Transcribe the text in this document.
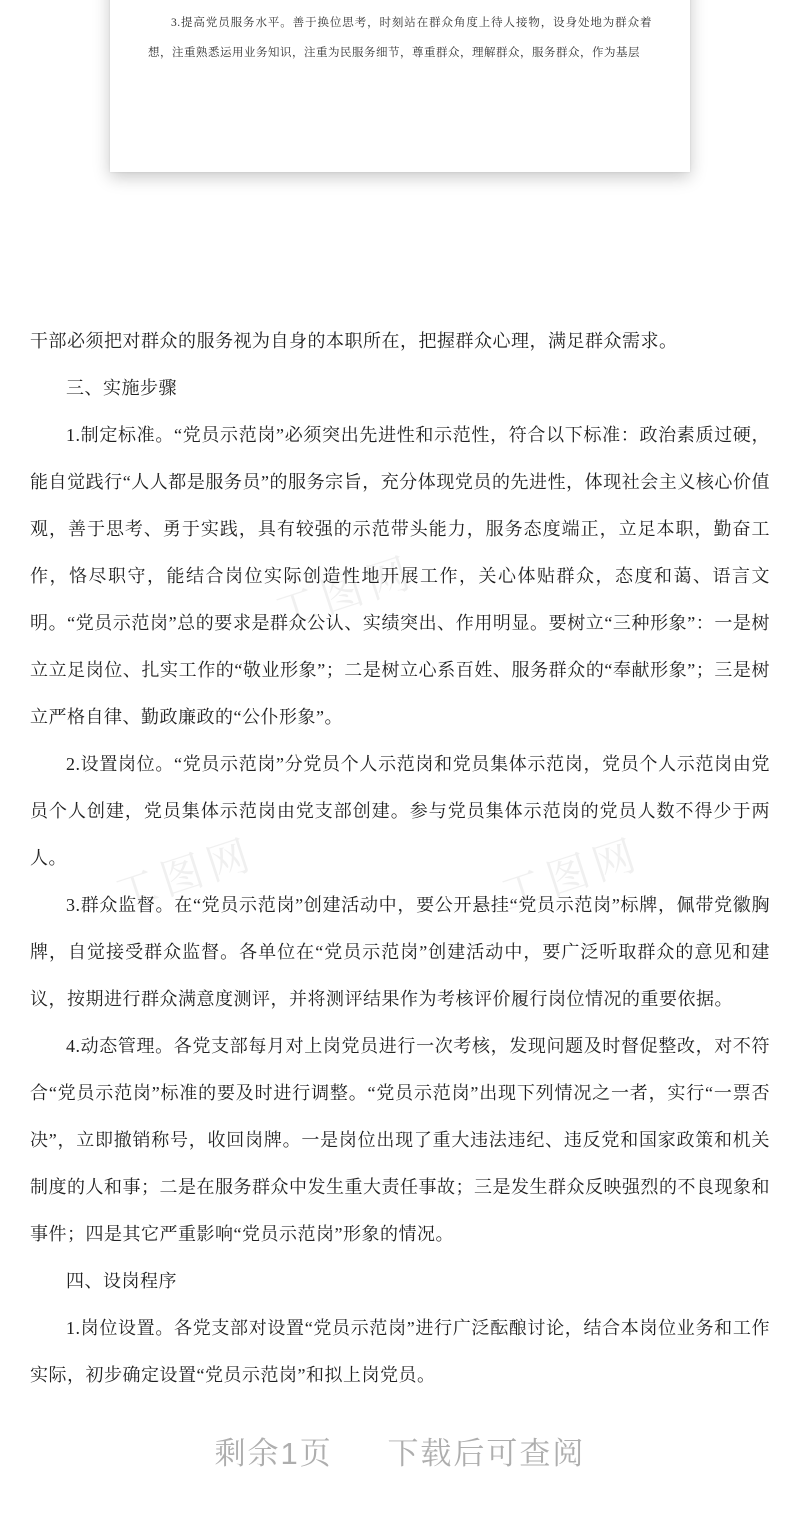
3.提高党员服务水平。善于换位思考，时刻站在群众角度上待人接物，设身处地为群众着想，注重熟悉运用业务知识，注重为民服务细节，尊重群众，理解群众，服务群众，作为基层

工图网
工图网	工图网

干部必须把对群众的服务视为自身的本职所在，把握群众心理，满足群众需求。

三、实施步骤

1.制定标准。“党员示范岗”必须突出先进性和示范性，符合以下标准：政治素质过硬，能自觉践行“人人都是服务员”的服务宗旨，充分体现党员的先进性，体现社会主义核心价值观，善于思考、勇于实践，具有较强的示范带头能力，服务态度端正，立足本职，勤奋工作，恪尽职守，能结合岗位实际创造性地开展工作，关心体贴群众，态度和蔼、语言文明。“党员示范岗”总的要求是群众公认、实绩突出、作用明显。要树立“三种形象”：一是树立立足岗位、扎实工作的“敬业形象”；二是树立心系百姓、服务群众的“奉献形象”；三是树立严格自律、勤政廉政的“公仆形象”。

2.设置岗位。“党员示范岗”分党员个人示范岗和党员集体示范岗，党员个人示范岗由党员个人创建，党员集体示范岗由党支部创建。参与党员集体示范岗的党员人数不得少于两人。

3.群众监督。在“党员示范岗”创建活动中，要公开悬挂“党员示范岗”标牌，佩带党徽胸牌，自觉接受群众监督。各单位在“党员示范岗”创建活动中，要广泛听取群众的意见和建议，按期进行群众满意度测评，并将测评结果作为考核评价履行岗位情况的重要依据。

4.动态管理。各党支部每月对上岗党员进行一次考核，发现问题及时督促整改，对不符合“党员示范岗”标准的要及时进行调整。“党员示范岗”出现下列情况之一者，实行“一票否决”，立即撤销称号，收回岗牌。一是岗位出现了重大违法违纪、违反党和国家政策和机关制度的人和事；二是在服务群众中发生重大责任事故；三是发生群众反映强烈的不良现象和事件；四是其它严重影响“党员示范岗”形象的情况。

四、设岗程序

1.岗位设置。各党支部对设置“党员示范岗”进行广泛酝酿讨论，结合本岗位业务和工作实际，初步确定设置“党员示范岗”和拟上岗党员。

剩余1页 下载后可查阅
